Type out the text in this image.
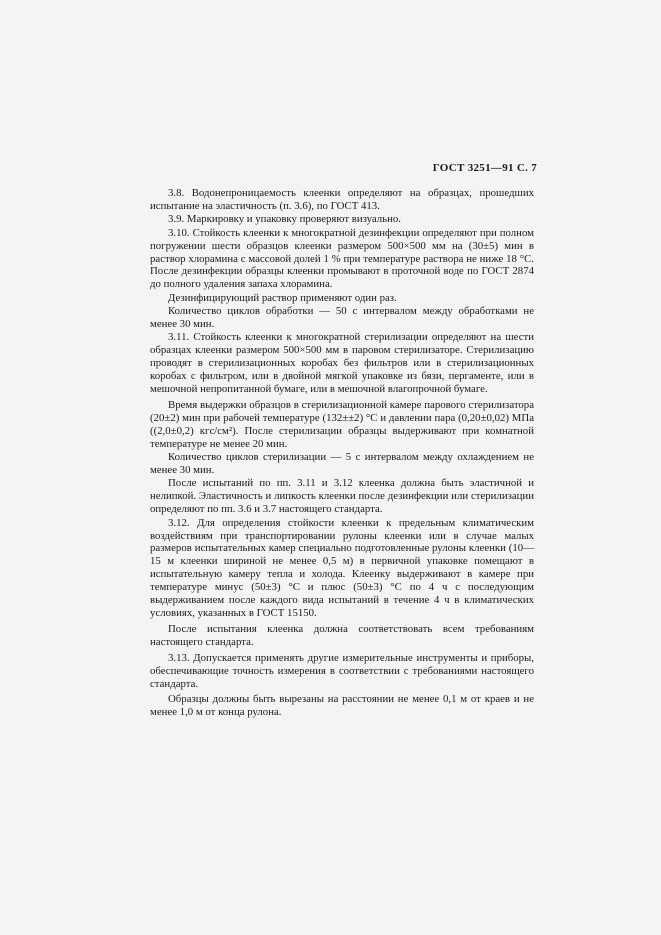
ГОСТ 3251—91 С. 7

3.8. Водонепроницаемость клеенки определяют на образцах, прошедших испытание на эластичность (п. 3.6), по ГОСТ 413.

3.9. Маркировку и упаковку проверяют визуально.

3.10. Стойкость клеенки к многократной дезинфекции определяют при полном погружении шести образцов клеенки размером 500×500 мм на (30±5) мин в раствор хлорамина с массовой долей 1 % при температуре раствора не ниже 18 °С. После дезинфекции образцы клеенки промывают в проточной воде по ГОСТ 2874 до полного удаления запаха хлорамина.

Дезинфицирующий раствор применяют один раз.

Количество циклов обработки — 50 с интервалом между обработками не менее 30 мин.

3.11. Стойкость клеенки к многократной стерилизации определяют на шести образцах клеенки размером 500×500 мм в паровом стерилизаторе. Стерилизацию проводят в стерилизационных коробах без фильтров или в стерилизационных коробах с фильтром, или в двойной мягкой упаковке из бязи, пергаменте, или в мешочной непропитанной бумаге, или в мешочной влагопрочной бумаге.

Время выдержки образцов в стерилизационной камере парового стерилизатора (20±2) мин при рабочей температуре (132±±2) °С и давлении пара (0,20±0,02) МПа ((2,0±0,2) кгс/см²). После стерилизации образцы выдерживают при комнатной температуре не менее 20 мин.

Количество циклов стерилизации — 5 с интервалом между охлаждением не менее 30 мин.

После испытаний по пп. 3.11 и 3.12 клеенка должна быть эластичной и нелипкой. Эластичность и липкость клеенки после дезинфекции или стерилизации определяют по пп. 3.6 и 3.7 настоящего стандарта.

3.12. Для определения стойкости клеенки к предельным климатическим воздействиям при транспортировании рулоны клеенки или в случае малых размеров испытательных камер специально подготовленные рулоны клеенки (10—15 м клеенки шириной не менее 0,5 м) в первичной упаковке помещают в испытательную камеру тепла и холода. Клеенку выдерживают в камере при температуре минус (50±3) °С и плюс (50±3) °С по 4 ч с последующим выдерживанием после каждого вида испытаний в течение 4 ч в климатических условиях, указанных в ГОСТ 15150.

После испытания клеенка должна соответствовать всем требованиям настоящего стандарта.

3.13. Допускается применять другие измерительные инструменты и приборы, обеспечивающие точность измерения в соответствии с требованиями настоящего стандарта.

Образцы должны быть вырезаны на расстоянии не менее 0,1 м от краев и не менее 1,0 м от конца рулона.
